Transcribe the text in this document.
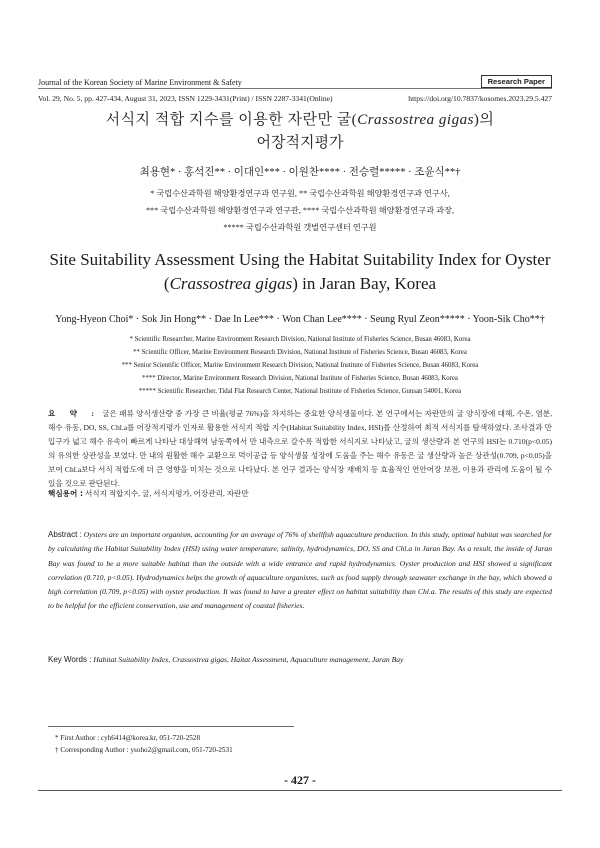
Journal of the Korean Society of Marine Environment & Safety	Research Paper
Vol. 29, No. 5, pp. 427-434, August 31, 2023, ISSN 1229-3431(Print) / ISSN 2287-3341(Online)	https://doi.org/10.7837/kosomes.2023.29.5.427
서식지 적합 지수를 이용한 자란만 굴(Crassostrea gigas)의
어장적지평가
최용현* · 홍석진** · 이대인*** · 이원찬**** · 전승렬***** · 조윤식**†
* 국립수산과학원 해양환경연구과 연구원, ** 국립수산과학원 해양환경연구과 연구사,
*** 국립수산과학원 해양환경연구과 연구관, **** 국립수산과학원 해양환경연구과 과장,
***** 국립수산과학원 갯벌연구센터 연구원
Site Suitability Assessment Using the Habitat Suitability Index for Oyster
(Crassostrea gigas) in Jaran Bay, Korea
Yong-Hyeon Choi* · Sok Jin Hong** · Dae In Lee*** · Won Chan Lee**** · Seung Ryul Zeon***** · Yoon-Sik Cho**†
* Scientific Researcher, Marine Environment Research Division, National Institute of Fisheries Science, Busan 46083, Korea
** Scientific Officer, Marine Environment Research Division, National Institute of Fisheries Science, Busan 46083, Korea
*** Senior Scientific Officer, Marine Environment Research Division, National Institute of Fisheries Science, Busan 46083, Korea
**** Director, Marine Environment Research Division, National Institute of Fisheries Science, Busan 46083, Korea
***** Scientific Researcher, Tidal Flat Research Center, National Institute of Fisheries Science, Gunsan 54001, Korea
요 약 : 굴은 패류 양식생산량 중 가장 큰 비율(평균 76%)을 차지하는 중요한 양식생물이다. 본 연구에서는 자란만의 굴 양식장에 대해, 수온, 염분, 해수 유동, DO, SS, Chl.a를 어장적지평가 인자로 활용한 서식지 적합 지수(Habitat Suitability Index, HSI)를 산정하여 최적 서식지를 탐색하였다. 조사결과 만 입구가 넓고 해수 유속이 빠르게 나타난 대상해역 남동쪽에서 만 내측으로 갈수록 적합한 서식지로 나타났고, 굴의 생산량과 본 연구의 HSI는 0.710(p<0.05)의 유의한 상관성을 보였다. 만 내의 원활한 해수 교환으로 먹이공급 등 양식생물 성장에 도움을 주는 해수 유동은 굴 생산량과 높은 상관성(0.709, p<0.05)을 보여 Chl.a보다 서식 적합도에 더 큰 영향을 미치는 것으로 나타났다. 본 연구 결과는 양식장 재배치 등 효율적인 연안어장 보전, 이용과 관리에 도움이 될 수 있을 것으로 판단된다.
핵심용어 : 서식지 적합지수, 굴, 서식지평가, 어장관리, 자란만
Abstract : Oysters are an important organism, accounting for an average of 76% of shellfish aquaculture production. In this study, optimal habitat was searched for by calculating the Habitat Suitability Index (HSI) using water temperature, salinity, hydrodynamics, DO, SS and Chl.a in Jaran Bay. As a result, the inside of Jaran Bay was found to be a more suitable habitat than the outside with a wide entrance and rapid hydrodynamics. Oyster production and HSI showed a significant correlation (0.710, p<0.05). Hydrodynamics helps the growth of aquaculture organisms, such as food supply through seawater exchange in the bay, which showed a high correlation (0.709, p<0.05) with oyster production. It was found to have a greater effect on habitat suitability than Chl.a. The results of this study are expected to be helpful for the efficient conservation, use and management of coastal fisheries.
Key Words : Habitat Suitability Index, Crassostrea gigas, Haitat Assessment, Aquaculture management, Jaran Bay
* First Author : cyh6414@korea.kr, 051-720-2528
† Corresponding Author : ysoho2@gmail.com, 051-720-2531
- 427 -
